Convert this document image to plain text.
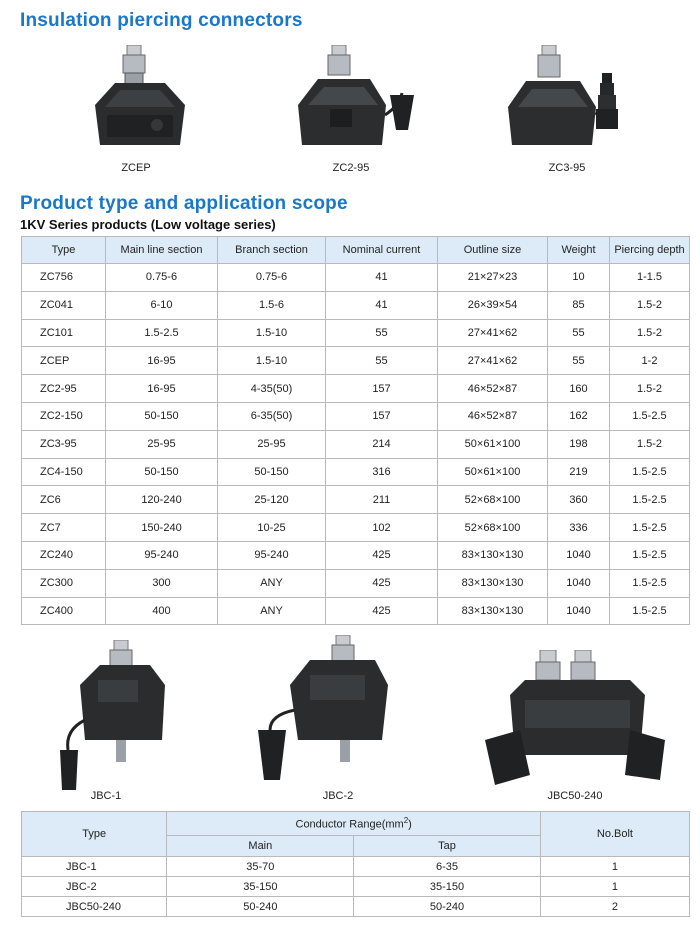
Insulation piercing connectors
ZCEP	ZC2-95	ZC3-95
Product type and application scope
1KV Series products (Low voltage series)
Type	Main line section	Branch section	Nominal current	Outline size	Weight	Piercing depth
ZC756	0.75-6	0.75-6	41	21×27×23	10	1-1.5
ZC041	6-10	1.5-6	41	26×39×54	85	1.5-2
ZC101	1.5-2.5	1.5-10	55	27×41×62	55	1.5-2
ZCEP	16-95	1.5-10	55	27×41×62	55	1-2
ZC2-95	16-95	4-35(50)	157	46×52×87	160	1.5-2
ZC2-150	50-150	6-35(50)	157	46×52×87	162	1.5-2.5
ZC3-95	25-95	25-95	214	50×61×100	198	1.5-2
ZC4-150	50-150	50-150	316	50×61×100	219	1.5-2.5
ZC6	120-240	25-120	211	52×68×100	360	1.5-2.5
ZC7	150-240	10-25	102	52×68×100	336	1.5-2.5
ZC240	95-240	95-240	425	83×130×130	1040	1.5-2.5
ZC300	300	ANY	425	83×130×130	1040	1.5-2.5
ZC400	400	ANY	425	83×130×130	1040	1.5-2.5
JBC-1	JBC-2	JBC50-240
Type	Conductor $Range(mm^2)$		No.Bolt
	Main	Tap	
JBC-1	35-70	6-35	1
JBC-2	35-150	35-150	1
JBC50-240	50-240	50-240	2
